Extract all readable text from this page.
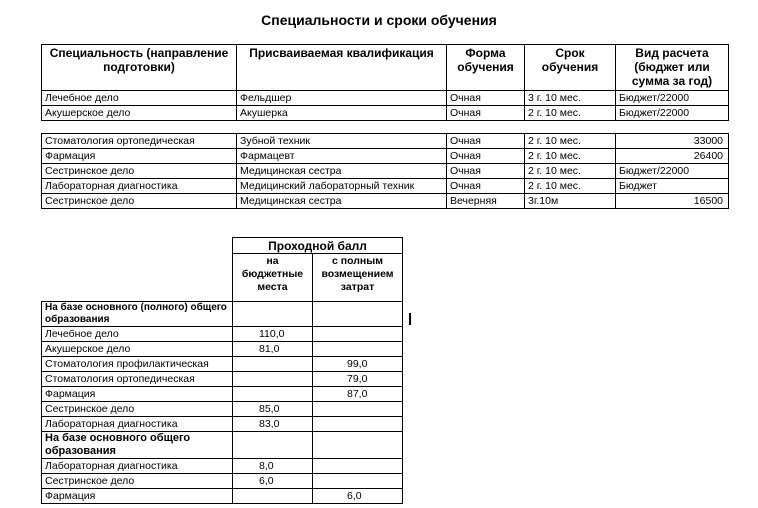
Специальности и сроки обучения
Специальность (направление подготовки)	Присваиваемая квалификация	Форма обучения	Срок обучения	Вид расчета (бюджет или сумма за год)
Лечебное дело	Фельдшер	Очная	3 г. 10 мес.	Бюджет/22000
Акушерское дело	Акушерка	Очная	2 г. 10 мес.	Бюджет/22000
Стоматология ортопедическая	Зубной техник	Очная	2 г. 10 мес.	33000
Фармация	Фармацевт	Очная	2 г. 10 мес.	26400
Сестринское дело	Медицинская сестра	Очная	2 г. 10 мес.	Бюджет/22000
Лабораторная диагностика	Медицинский лабораторный техник	Очная	2 г. 10 мес.	Бюджет
Сестринское дело	Медицинская сестра	Вечерняя	3г.10м	16500
	Проходной балл	
	на бюджетные места	с полным возмещением затрат
На базе основного (полного) общего образования		
Лечебное дело	110,0	
Акушерское дело	81,0	
Стоматология профилактическая		99,0
Стоматология ортопедическая		79,0
Фармация		87,0
Сестринское дело	85,0	
Лабораторная диагностика	83,0	
На базе основного общего образования		
Лабораторная диагностика	8,0	
Сестринское дело	6,0	
Фармация		6,0
